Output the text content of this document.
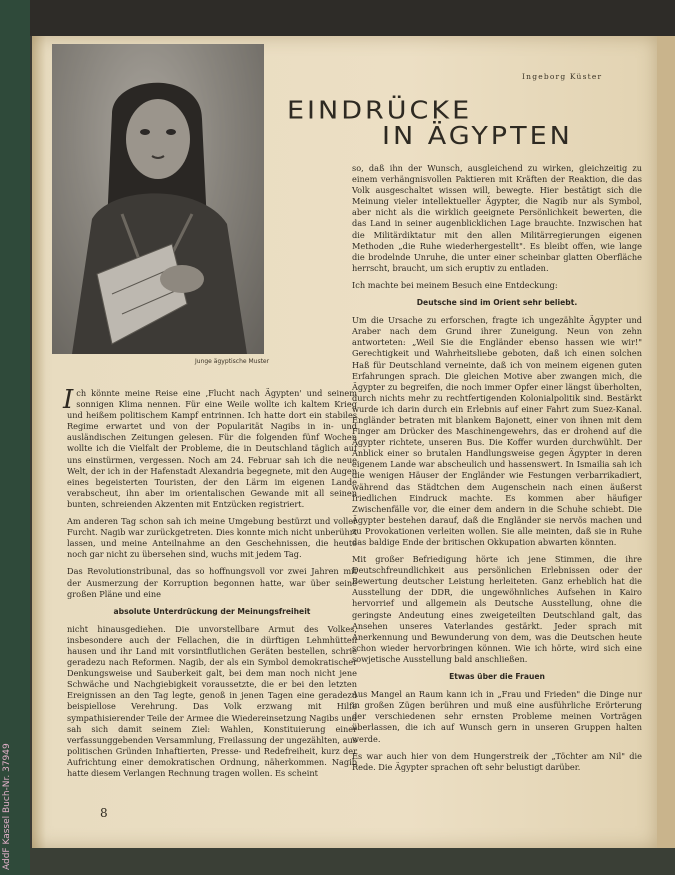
AddF Kassel Buch-Nr. 37949
Junge ägyptische Muster
Ingeborg Küster
EINDRÜCKE
IN ÄGYPTEN

Ich könnte meine Reise eine ‚Flucht nach Ägypten' und seinem sonnigen Klima nennen. Für eine Weile wollte ich kaltem Krieg und heißem politischem Kampf entrinnen. Ich hatte dort ein stabiles Regime erwartet und von der Popularität Nagibs in in- und ausländischen Zeitungen gelesen. Für die folgenden fünf Wochen wollte ich die Vielfalt der Probleme, die in Deutschland täglich auf uns einstürmen, vergessen. Noch am 24. Februar sah ich die neue Welt, der ich in der Hafenstadt Alexandria begegnete, mit den Augen eines begeisterten Touristen, der den Lärm im eigenen Lande verabscheut, ihn aber im orientalischen Gewande mit all seinen bunten, schreienden Akzenten mit Entzücken registriert.

Am anderen Tag schon sah ich meine Umgebung bestürzt und voller Furcht. Nagib war zurückgetreten. Dies konnte mich nicht unberührt lassen, und meine Anteilnahme an den Geschehnissen, die heute noch gar nicht zu übersehen sind, wuchs mit jedem Tag.

Das Revolutionstribunal, das so hoffnungsvoll vor zwei Jahren mit der Ausmerzung der Korruption begonnen hatte, war über seine großen Pläne und eine

absolute Unterdrückung der Meinungsfreiheit

nicht hinausgediehen. Die unvorstellbare Armut des Volkes, insbesondere auch der Fellachen, die in dürftigen Lehmhütten hausen und ihr Land mit vorsintflutlichen Geräten bestellen, schrie geradezu nach Reformen. Nagib, der als ein Symbol demokratischer Denkungsweise und Sauberkeit galt, bei dem man noch nicht jene Schwäche und Nachgiebigkeit voraussetzte, die er bei den letzten Ereignissen an den Tag legte, genoß in jenen Tagen eine geradezu beispiellose Verehrung. Das Volk erzwang mit Hilfe sympathisierender Teile der Armee die Wiedereinsetzung Nagibs und sah sich damit seinem Ziel: Wahlen, Konstituierung einer verfassunggebenden Versammlung, Freilassung der ungezählten, aus politischen Gründen Inhaftierten, Presse- und Redefreiheit, kurz der Aufrichtung einer demokratischen Ordnung, näherkommen. Nagib hatte diesem Verlangen Rechnung tragen wollen. Es scheint

so, daß ihn der Wunsch, ausgleichend zu wirken, gleichzeitig zu einem verhängnisvollen Paktieren mit Kräften der Reaktion, die das Volk ausgeschaltet wissen will, bewegte. Hier bestätigt sich die Meinung vieler intellektueller Ägypter, die Nagib nur als Symbol, aber nicht als die wirklich geeignete Persönlichkeit bewerten, die das Land in seiner augenblicklichen Lage brauchte. Inzwischen hat die Militärdiktatur mit den allen Militärregierungen eigenen Methoden „die Ruhe wiederhergestellt". Es bleibt offen, wie lange die brodelnde Unruhe, die unter einer scheinbar glatten Oberfläche herrscht, braucht, um sich eruptiv zu entladen.

Ich machte bei meinem Besuch eine Entdeckung:

Deutsche sind im Orient sehr beliebt.

Um die Ursache zu erforschen, fragte ich ungezählte Ägypter und Araber nach dem Grund ihrer Zuneigung. Neun von zehn antworteten: „Weil Sie die Engländer ebenso hassen wie wir!" Gerechtigkeit und Wahrheitsliebe geboten, daß ich einen solchen Haß für Deutschland verneinte, daß ich von meinem eigenen guten Erfahrungen sprach. Die gleichen Motive aber zwangen mich, die Ägypter zu begreifen, die noch immer Opfer einer längst überholten, durch nichts mehr zu rechtfertigenden Kolonialpolitik sind. Bestärkt wurde ich darin durch ein Erlebnis auf einer Fahrt zum Suez-Kanal. Engländer betraten mit blankem Bajonett, einer von ihnen mit dem Finger am Drücker des Maschinengewehrs, das er drohend auf die Ägypter richtete, unseren Bus. Die Koffer wurden durchwühlt. Der Anblick einer so brutalen Handlungsweise gegen Ägypter in deren eigenem Lande war abscheulich und hassenswert. In Ismailia sah ich die wenigen Häuser der Engländer wie Festungen verbarrikadiert, während das Städtchen dem Augenschein nach einen äußerst friedlichen Eindruck machte. Es kommen aber häufiger Zwischenfälle vor, die einer dem andern in die Schuhe schiebt. Die Ägypter bestehen darauf, daß die Engländer sie nervös machen und zu Provokationen verleiten wollen. Sie alle meinten, daß sie in Ruhe das baldige Ende der britischen Okkupation abwarten könnten.

Mit großer Befriedigung hörte ich jene Stimmen, die ihre Deutschfreundlichkeit aus persönlichen Erlebnissen oder der Bewertung deutscher Leistung herleiteten. Ganz erheblich hat die Ausstellung der DDR, die ungewöhnliches Aufsehen in Kairo hervorrief und allgemein als Deutsche Ausstellung, ohne die geringste Andeutung eines zweigeteilten Deutschland galt, das Ansehen unseres Vaterlandes gestärkt. Jeder sprach mit Anerkennung und Bewunderung von dem, was die Deutschen heute schon wieder hervorbringen können. Wie ich hörte, wird sich eine sowjetische Ausstellung bald anschließen.

Etwas über die Frauen

Aus Mangel an Raum kann ich in „Frau und Frieden" die Dinge nur in großen Zügen berühren und muß eine ausführliche Erörterung der verschiedenen sehr ernsten Probleme meinen Vorträgen überlassen, die ich auf Wunsch gern in unseren Gruppen halten werde.

Es war auch hier von dem Hungerstreik der „Töchter am Nil" die Rede. Die Ägypter sprachen oft sehr belustigt darüber.

8
